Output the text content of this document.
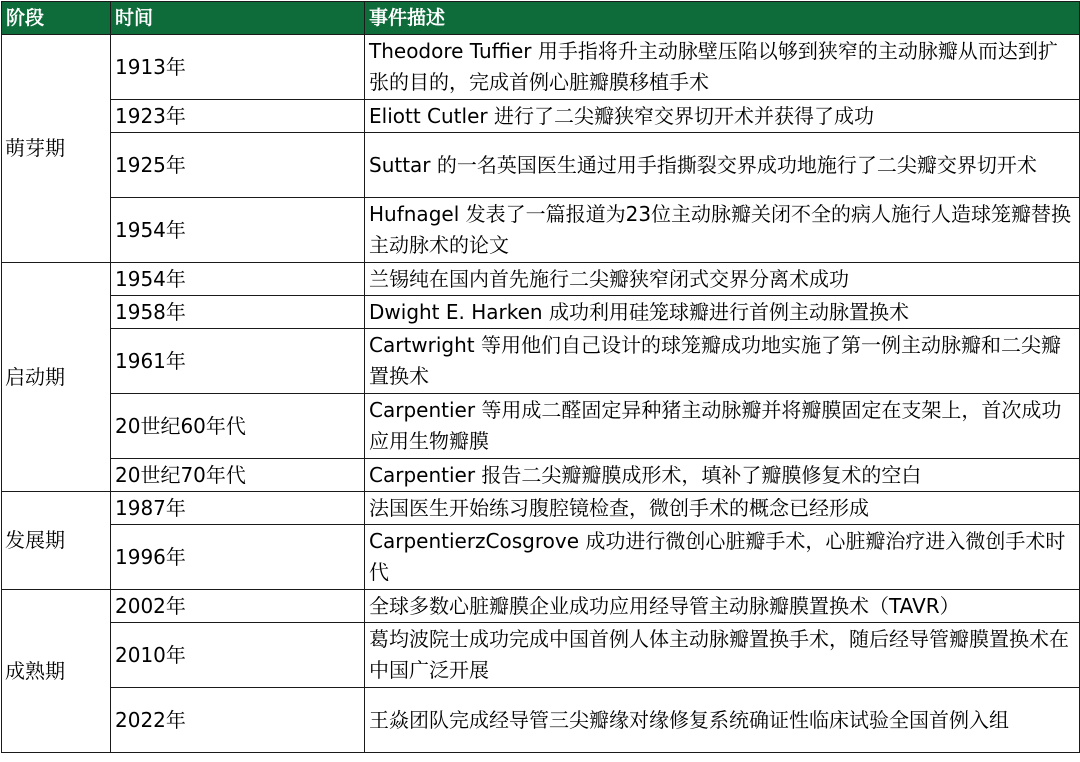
阶段	时间	事件描述
萌芽期	1913年	Theodore Tuffier 用手指将升主动脉壁压陷以够到狭窄的主动脉瓣从而达到扩张的目的，完成首例心脏瓣膜移植手术
	1923年	Eliott Cutler 进行了二尖瓣狭窄交界切开术并获得了成功
	1925年	Suttar 的一名英国医生通过用手指撕裂交界成功地施行了二尖瓣交界切开术
	1954年	Hufnagel 发表了一篇报道为23位主动脉瓣关闭不全的病人施行人造球笼瓣替换主动脉术的论文
启动期	1954年	兰锡纯在国内首先施行二尖瓣狭窄闭式交界分离术成功
	1958年	Dwight E. Harken 成功利用硅笼球瓣进行首例主动脉置换术
	1961年	Cartwright 等用他们自己设计的球笼瓣成功地实施了第一例主动脉瓣和二尖瓣置换术
	20世纪60年代	Carpentier 等用成二醛固定异种猪主动脉瓣并将瓣膜固定在支架上，首次成功应用生物瓣膜
	20世纪70年代	Carpentier 报告二尖瓣瓣膜成形术，填补了瓣膜修复术的空白
发展期	1987年	法国医生开始练习腹腔镜检查，微创手术的概念已经形成
	1996年	CarpentierzCosgrove 成功进行微创心脏瓣手术，心脏瓣治疗进入微创手术时代
成熟期	2002年	全球多数心脏瓣膜企业成功应用经导管主动脉瓣膜置换术（TAVR）
	2010年	葛均波院士成功完成中国首例人体主动脉瓣置换手术，随后经导管瓣膜置换术在中国广泛开展
	2022年	王焱团队完成经导管三尖瓣缘对缘修复系统确证性临床试验全国首例入组
